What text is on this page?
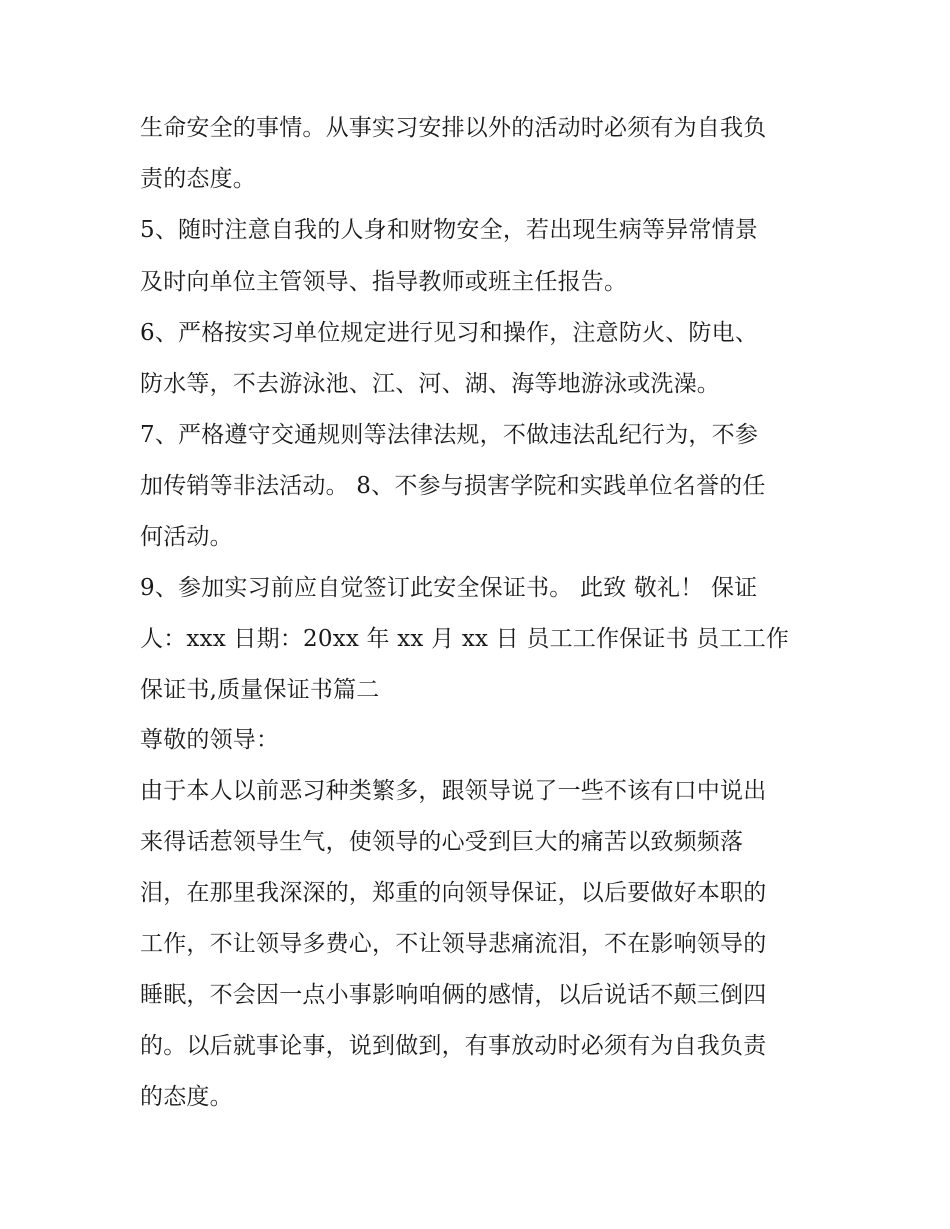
生命安全的事情。从事实习安排以外的活动时必须有为自我负
责的态度。
5、随时注意自我的人身和财物安全，若出现生病等异常情景
及时向单位主管领导、指导教师或班主任报告。
6、严格按实习单位规定进行见习和操作，注意防火、防电、
防水等，不去游泳池、江、河、湖、海等地游泳或洗澡。
7、严格遵守交通规则等法律法规，不做违法乱纪行为，不参
加传销等非法活动。 8、不参与损害学院和实践单位名誉的任
何活动。
9、参加实习前应自觉签订此安全保证书。 此致 敬礼！ 保证
人：xxx 日期：20xx 年 xx 月 xx 日 员工工作保证书 员工工作
保证书,质量保证书篇二
尊敬的领导：
由于本人以前恶习种类繁多，跟领导说了一些不该有口中说出
来得话惹领导生气，使领导的心受到巨大的痛苦以致频频落
泪，在那里我深深的，郑重的向领导保证，以后要做好本职的
工作，不让领导多费心，不让领导悲痛流泪，不在影响领导的
睡眠，不会因一点小事影响咱俩的感情，以后说话不颠三倒四
的。以后就事论事，说到做到，有事放动时必须有为自我负责
的态度。
